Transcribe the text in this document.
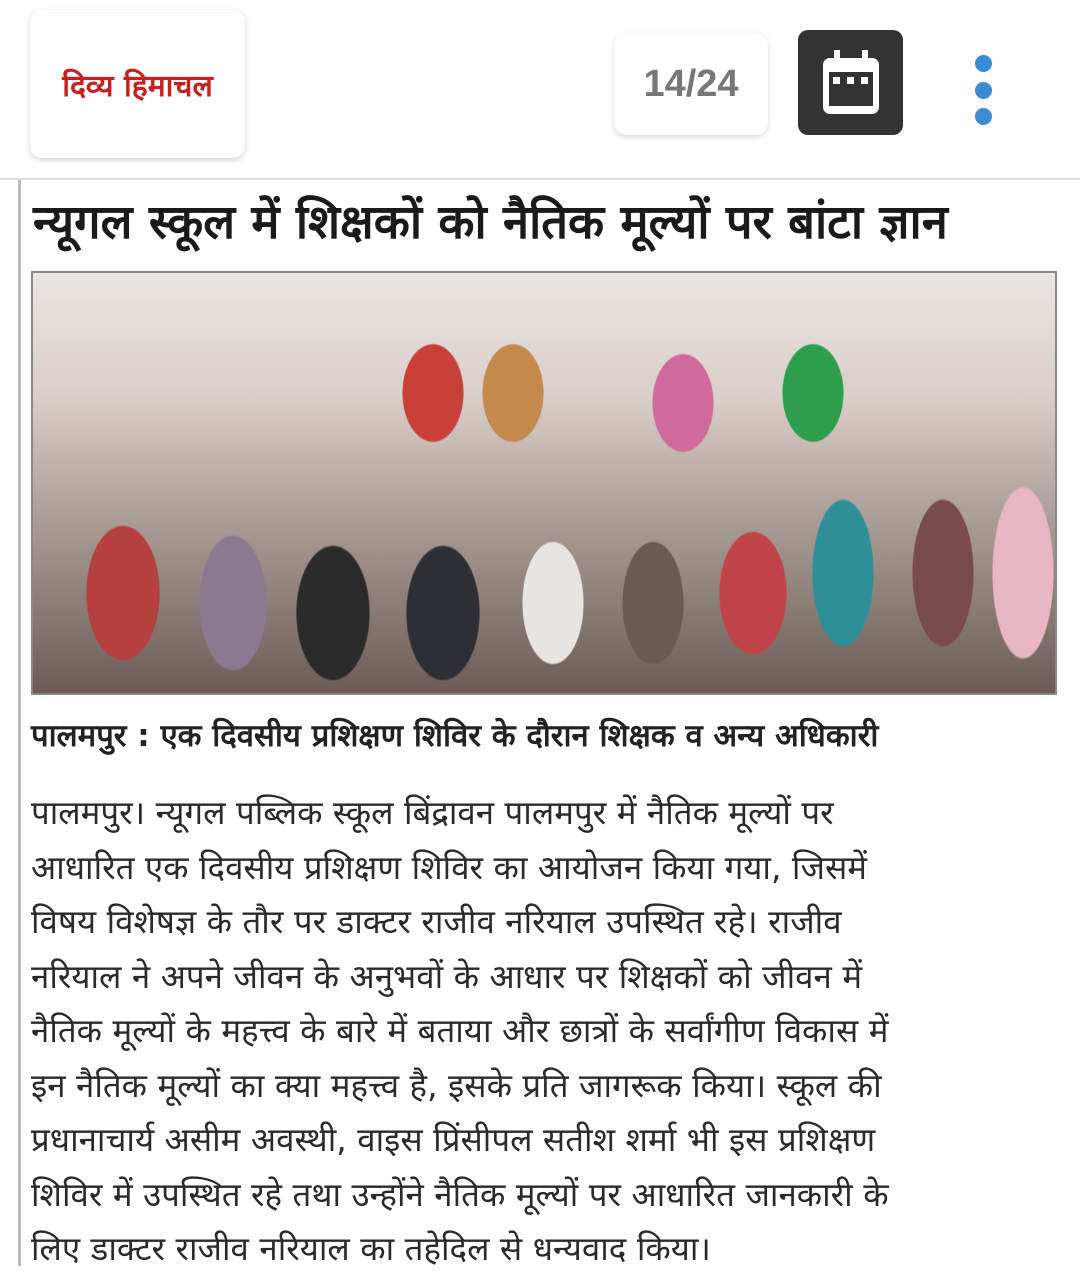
दिव्य हिमाचल	14/24
न्यूगल स्कूल में शिक्षकों को नैतिक मूल्यों पर बांटा ज्ञान
पालमपुर : एक दिवसीय प्रशिक्षण शिविर के दौरान शिक्षक व अन्य अधिकारी
पालमपुर। न्यूगल पब्लिक स्कूल बिंद्रावन पालमपुर में नैतिक मूल्यों पर
आधारित एक दिवसीय प्रशिक्षण शिविर का आयोजन किया गया, जिसमें
विषय विशेषज्ञ के तौर पर डाक्टर राजीव नरियाल उपस्थित रहे। राजीव
नरियाल ने अपने जीवन के अनुभवों के आधार पर शिक्षकों को जीवन में
नैतिक मूल्यों के महत्त्व के बारे में बताया और छात्रों के सर्वांगीण विकास में
इन नैतिक मूल्यों का क्या महत्त्व है, इसके प्रति जागरूक किया। स्कूल की
प्रधानाचार्य असीम अवस्थी, वाइस प्रिंसीपल सतीश शर्मा भी इस प्रशिक्षण
शिविर में उपस्थित रहे तथा उन्होंने नैतिक मूल्यों पर आधारित जानकारी के
लिए डाक्टर राजीव नरियाल का तहेदिल से धन्यवाद किया।
